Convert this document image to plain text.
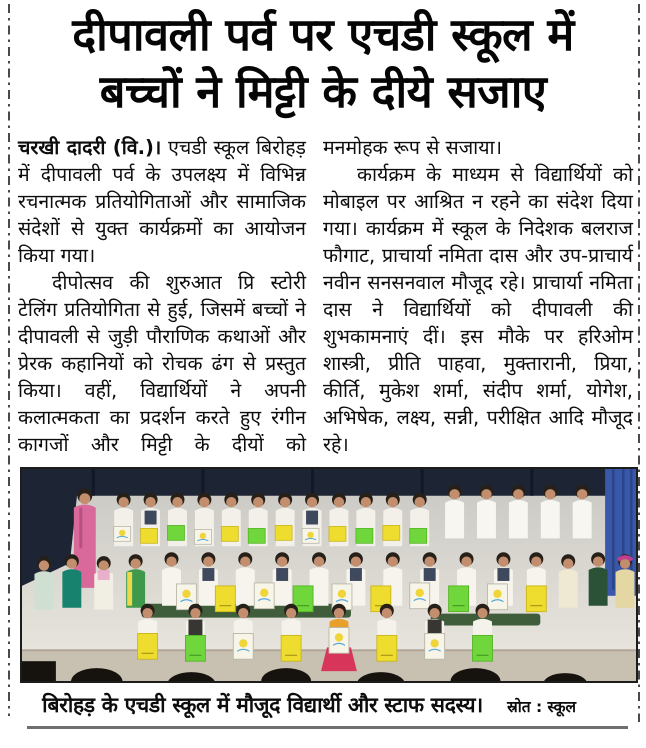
दीपावली पर्व पर एचडी स्कूल में
बच्चों ने मिट्टी के दीये सजाए

चरखी दादरी (वि.)। एचडी स्कूल बिरोहड़ में दीपावली पर्व के उपलक्ष्य में विभिन्न रचनात्मक प्रतियोगिताओं और सामाजिक संदेशों से युक्त कार्यक्रमों का आयोजन किया गया।

दीपोत्सव की शुरुआत प्रि स्टोरी टेलिंग प्रतियोगिता से हुई, जिसमें बच्चों ने दीपावली से जुड़ी पौराणिक कथाओं और प्रेरक कहानियों को रोचक ढंग से प्रस्तुत किया। वहीं, विद्यार्थियों ने अपनी कलात्मकता का प्रदर्शन करते हुए रंगीन कागजों और मिट्टी के दीयों को

मनमोहक रूप से सजाया।

कार्यक्रम के माध्यम से विद्यार्थियों को मोबाइल पर आश्रित न रहने का संदेश दिया गया। कार्यक्रम में स्कूल के निदेशक बलराज फौगाट, प्राचार्या नमिता दास और उप-प्राचार्य नवीन सनसनवाल मौजूद रहे। प्राचार्या नमिता दास ने विद्यार्थियों को दीपावली की शुभकामनाएं दीं। इस मौके पर हरिओम शास्त्री, प्रीति पाहवा, मुक्तारानी, प्रिया, कीर्ति, मुकेश शर्मा, संदीप शर्मा, योगेश, अभिषेक, लक्ष्य, सन्नी, परीक्षित आदि मौजूद रहे।

बिरोहड़ के एचडी स्कूल में मौजूद विद्यार्थी और स्टाफ सदस्य।	स्रोत : स्कूल
